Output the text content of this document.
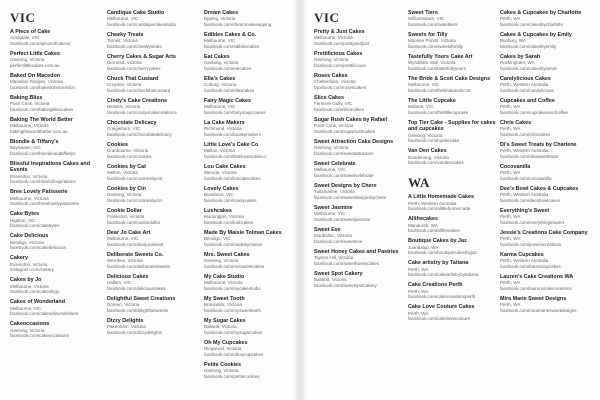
VIC
A Piece of Cake
Armadale, VIC
facebook.com/apieceofcakevic
Perfect Little Cakes
Geelong, Victoria
perfectlittlecakes.com.au
Baked On Macedon
Macedon Ranges, Victoria
facebook.com/bakedonmacedon
Baking Bliss
Point Cook, Victoria
facebook.com/bakingblisscakes
Baking The World Better
Melbourne, Victoria
bakingtheworldbetter.com.au
Blondie & Tiffany's
Bayswater, VIC
facebook.com/blondieandtiffanys
Blissful Inspirations Cakes and Events
Essendon, Victoria
facebook.com/blissfulinspirations
Bree Lovely Patisserie
Melbourne, Victoria
facebook.com/breelovelypatisserie
Cake Bytes
Highton, VIC
facebook.com/cakebytes
Cake Delicious
Bendigo, Victoria
facebook.com/cakedelicious
Cakery
Essendon, Victoria
instagram.com/cakery
Cakes by Jo
Melbourne, Victoria
facebook.com/cakesbyjo
Cakes of Wonderland
Melbourne, VIC
facebook.com/cakesofwonderland
Cakeoccasions
Geelong, Victoria
facebook.com/cakeoccasions
Candique Cake Studio
Melbourne, VIC
facebook.com/candiquecakestudio
Cheeky Treats
Tarneit, Victoria
facebook.com/cheekytreats
Cherry Cakes & Sugar Arts
Derrimut, Victoria
facebook.com/cherrycakes
Chuck That Custard
Croydon, Victoria
facebook.com/chuckthatcustard
Cindy's Cake Creations
Berwick, Victoria
facebook.com/cindyscakecreations
Chocolate Delicacy
Craigieburn, VIC
facebook.com/chocolatedelicacy
Cookies
Cranbourne, Victoria
facebook.com/cookies
Cookies by Cat
Melton, Victoria
facebook.com/cookiesbycat
Cookies by Cin
Geelong, Victoria
facebook.com/cookiesbycin
Cookie Dollar
Frankston, Victoria
facebook.com/cookiedollar
Dear Jo Cake Art
Melbourne, VIC
facebook.com/dearjocakeart
Deliberate Sweets Co.
Werribee, Victoria
facebook.com/deliberatesweets
Delicious Cakes
Hallam, VIC
facebook.com/deliciouscakes
Delightful Sweet Creations
Doreen, Victoria
facebook.com/delightfulsweets
Dizzy Delights
Pakenham, Victoria
facebook.com/dizzydelights
Dream Cakes
Epping, Victoria
facebook.com/dreamcakesepping
Edibles Cakes & Co.
Melbourne, VIC
facebook.com/ediblescakes
Eat Cakes
Geelong, Victoria
facebook.com/eatcakes
Ella's Cakes
Coburg, Victoria
facebook.com/ellascakes
Fairy Magic Cakes
Melbourne, VIC
facebook.com/fairymagiccakes
La Cake Makers
Richmond, Victoria
facebook.com/lacakemakers
Little Love's Cake Co
Melton, Victoria
facebook.com/littlelovescakeco
Lou Cake Cakes
Mernda, Victoria
facebook.com/loucakecakes
Lovely Cakes
Bundoora, VIC
facebook.com/lovelycakes
Lushcakes
Mornington, Victoria
facebook.com/lushcakes
Made By Maisie Tolman Cakes
Bendigo, VIC
facebook.com/madebymaisie
Mrs. Sweet Cakes
Geelong, Victoria
facebook.com/mrssweetcakes
My Cake Studio
Melbourne, Victoria
facebook.com/mycakestudio
My Sweet Tooth
Brunswick, Victoria
facebook.com/mysweettooth
My Sugar Cakes
Ballarat, Victoria
facebook.com/mysugarcakes
Oh My Cupcakes
Ringwood, Victoria
facebook.com/ohmycupcakes
Petite Cookies
Geelong, Victoria
facebook.com/petitecookies
VIC
Pretty & Just Cakes
Melbourne, Victoria
facebook.com/prettyandjust
Prettilicious Cakes
Geelong, Victoria
facebook.com/prettilicious
Roses Cakes
Cheltenham, Victoria
facebook.com/rosescakes
Slice Cakes
Ferntree Gully, VIC
facebook.com/slicecakes
Sugar Rush Cakes by Rafael
Point Cook, Victoria
facebook.com/sugarrushcakes
Sweet Attraction Cake Designs
Geelong, Victoria
facebook.com/sweetattraction
Sweet Celebrate
Melbourne, VIC
facebook.com/sweetcelebrate
Sweet Designs by Chere
Tullamarine, Victoria
facebook.com/sweetdesignsbychere
Sweet Jasmine
Melbourne, VIC
facebook.com/sweetjasmine
Sweet Eve
Mordialloc, Victoria
facebook.com/sweeteve
Sweet Honey Cakes and Pastries
Taylors Hill, Victoria
facebook.com/sweethoneycakes
Sweet Spot Cakery
Ballarat, Victoria
facebook.com/sweetspotcakery
Sweet Tiers
Williamstown, VIC
facebook.com/sweettiers
Sweets for Tilly
Moonee Ponds, Victoria
facebook.com/sweetsfortilly
Tastefully Yours Cake Art
Wyndham Vale, Victoria
facebook.com/tastefullyyours
The Bride & Scott Cake Designs
Melbourne, VIC
facebook.com/thebrideandscott
The Little Cupcake
Ballarat, VIC
facebook.com/thelittlecupcake
Top Tier Cake - Supplies for cakes and cupcakes
Geelong, Victoria
facebook.com/toptiercake
Van Den Cakes
Dandenong, Victoria
facebook.com/vandencakes
WA
A Little Homemade Cakes
Perth, Western Australia
facebook.com/alittlehomemade
Allthecakes
Mandurah, WA
facebook.com/allthecakes
Boutique Cakes by Jaz
Joondalup, WA
facebook.com/boutiquecakesbyjaz
Cake artistry by Tatiana
Perth, WA
facebook.com/cakeartistrybytatiana
Cake Creations Perth
Perth, WA
facebook.com/cakecreationsperth
Cake Love Couture Cakes
Perth, WA
facebook.com/cakelovecouture
Cakes & Cupcakes by Charlotte
Perth, WA
facebook.com/cakesbycharlotte
Cakes & Cupcakes by Emily
Bunbury, WA
facebook.com/cakesbyemily
Cakes by Sarah
Rockingham, WA
facebook.com/cakesbysarah
Candylicious Cakes
Perth, Western Australia
facebook.com/candylicious
Cupcakes and Coffee
Perth, WA
facebook.com/cupcakesandcoffee
Chris Cakes
Perth, WA
facebook.com/chriscakes
Di's Sweet Treats by Charlene
Perth, Western Australia
facebook.com/dissweettreats
Cocovanilla
Perth, WA
facebook.com/cocovanilla
Dee's Bowl Cakes & Cupcakes
Perth, Western Australia
facebook.com/deesbowlcakes
Everything's Sweet
Perth, WA
facebook.com/everythingssweet
Jessie's Creations Cake Company
Perth, WA
facebook.com/jessiescreations
Karma Cupcakes
Perth, Western Australia
facebook.com/karmacupcakes
Lauren's Cake Creations WA
Perth, WA
facebook.com/laurenscakecreations
Mira Marie Sweet Designs
Perth, WA
facebook.com/miramariesweetdesigns
